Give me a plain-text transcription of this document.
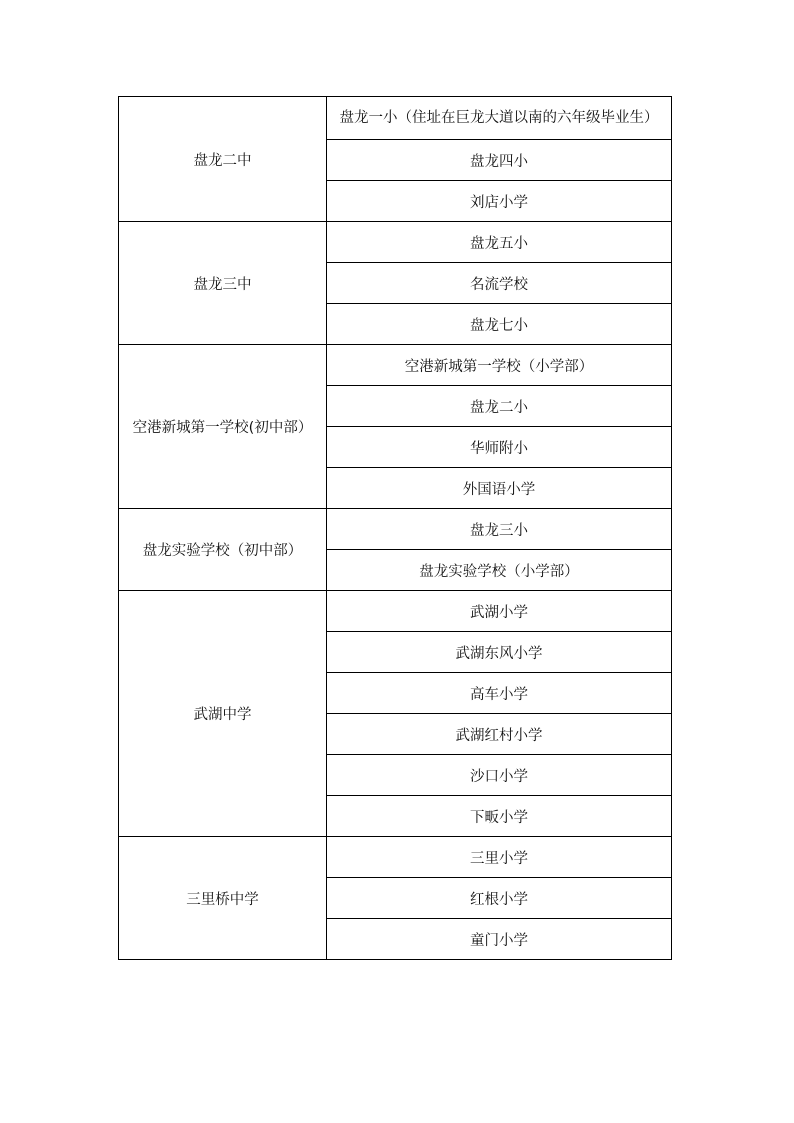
盘龙二中	盘龙一小（住址在巨龙大道以南的六年级毕业生）
	盘龙四小
	刘店小学
盘龙三中	盘龙五小
	名流学校
	盘龙七小
空港新城第一学校(初中部）	空港新城第一学校（小学部）
	盘龙二小
	华师附小
	外国语小学
盘龙实验学校（初中部）	盘龙三小
	盘龙实验学校（小学部）
武湖中学	武湖小学
	武湖东风小学
	高车小学
	武湖红村小学
	沙口小学
	下畈小学
三里桥中学	三里小学
	红根小学
	童门小学
